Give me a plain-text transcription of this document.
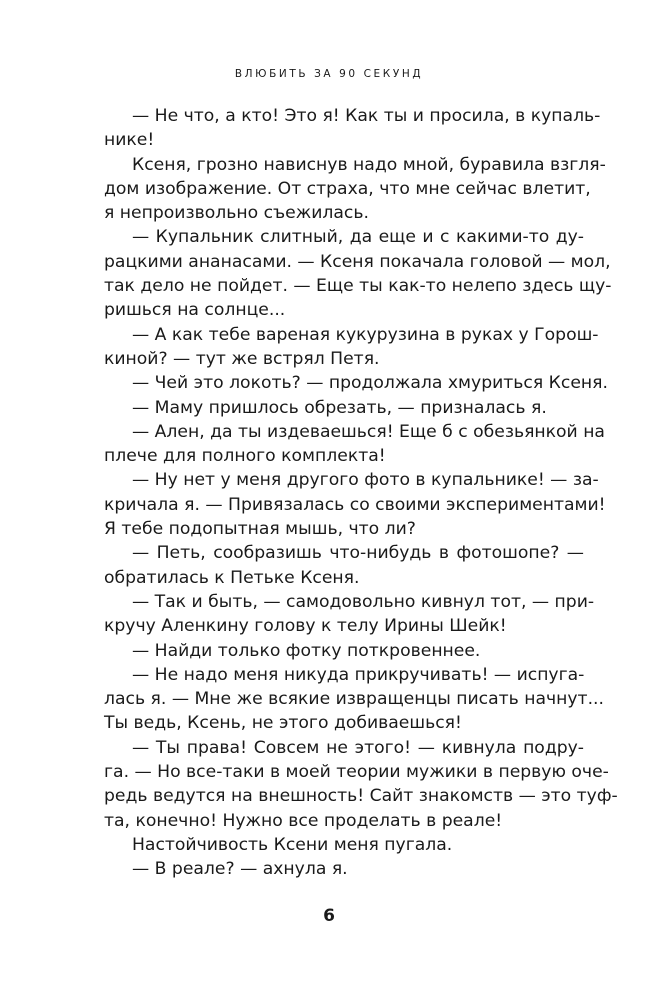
ВЛЮБИТЬ ЗА 90 СЕКУНД
— Не что, а кто! Это я! Как ты и просила, в купаль-
нике!
Ксеня, грозно нависнув надо мной, буравила взгля-
дом изображение. От страха, что мне сейчас влетит,
я непроизвольно съежилась.
— Купальник слитный, да еще и с какими-то ду-
рацкими ананасами. — Ксеня покачала головой — мол,
так дело не пойдет. — Еще ты как-то нелепо здесь щу-
ришься на солнце...
— А как тебе вареная кукурузина в руках у Горош-
киной? — тут же встрял Петя.
— Чей это локоть? — продолжала хмуриться Ксеня.
— Маму пришлось обрезать, — призналась я.
— Ален, да ты издеваешься! Еще б с обезьянкой на
плече для полного комплекта!
— Ну нет у меня другого фото в купальнике! — за-
кричала я. — Привязалась со своими экспериментами!
Я тебе подопытная мышь, что ли?
— Петь, сообразишь что-нибудь в фотошопе? —
обратилась к Петьке Ксеня.
— Так и быть, — самодовольно кивнул тот, — при-
кручу Аленкину голову к телу Ирины Шейк!
— Найди только фотку поткровеннее.
— Не надо меня никуда прикручивать! — испуга-
лась я. — Мне же всякие извращенцы писать начнут...
Ты ведь, Ксень, не этого добиваешься!
— Ты права! Совсем не этого! — кивнула подру-
га. — Но все-таки в моей теории мужики в первую оче-
редь ведутся на внешность! Сайт знакомств — это туф-
та, конечно! Нужно все проделать в реале!
Настойчивость Ксени меня пугала.
— В реале? — ахнула я.
6
